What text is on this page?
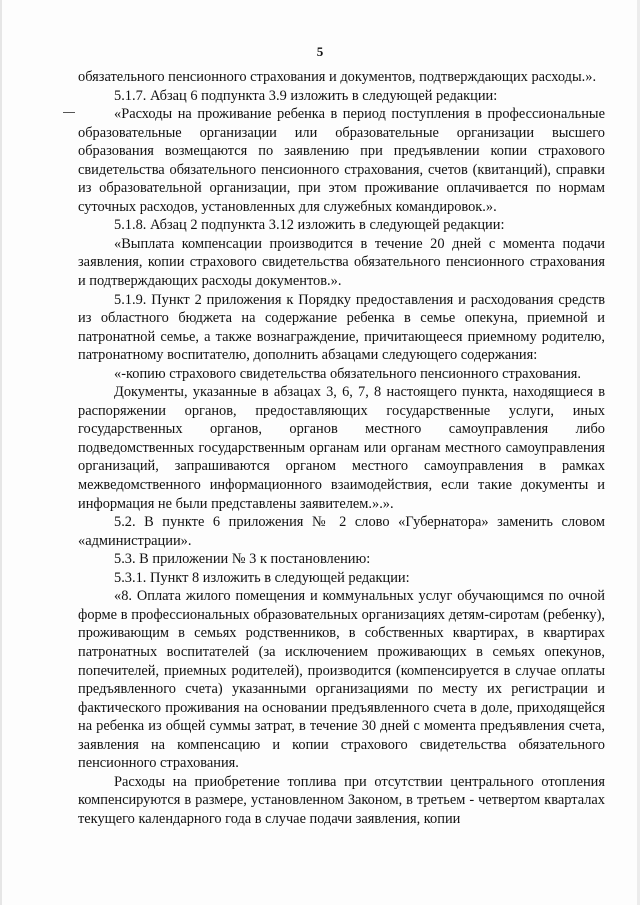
5

обязательного пенсионного страхования и документов, подтверждающих расходы.».

5.1.7. Абзац 6 подпункта 3.9 изложить в следующей редакции:

«Расходы на проживание ребенка в период поступления в профессиональные образовательные организации или образовательные организации высшего образования возмещаются по заявлению при предъявлении копии страхового свидетельства обязательного пенсионного страхования, счетов (квитанций), справки из образовательной организации, при этом проживание оплачивается по нормам суточных расходов, установленных для служебных командировок.».

5.1.8. Абзац 2 подпункта 3.12 изложить в следующей редакции:

«Выплата компенсации производится в течение 20 дней с момента подачи заявления, копии страхового свидетельства обязательного пенсионного страхования и подтверждающих расходы документов.».

5.1.9. Пункт 2 приложения к Порядку предоставления и расходования средств из областного бюджета на содержание ребенка в семье опекуна, приемной и патронатной семье, а также вознаграждение, причитающееся приемному родителю, патронатному воспитателю, дополнить абзацами следующего содержания:

«-копию страхового свидетельства обязательного пенсионного страхования.

Документы, указанные в абзацах 3, 6, 7, 8 настоящего пункта, находящиеся в распоряжении органов, предоставляющих государственные услуги, иных государственных органов, органов местного самоуправления либо подведомственных государственным органам или органам местного самоуправления организаций, запрашиваются органом местного самоуправления в рамках межведомственного информационного взаимодействия, если такие документы и информация не были представлены заявителем.».».

5.2. В пункте 6 приложения № 2 слово «Губернатора» заменить словом «администрации».

5.3. В приложении № 3 к постановлению:

5.3.1. Пункт 8 изложить в следующей редакции:

«8. Оплата жилого помещения и коммунальных услуг обучающимся по очной форме в профессиональных образовательных организациях детям-сиротам (ребенку), проживающим в семьях родственников, в собственных квартирах, в квартирах патронатных воспитателей (за исключением проживающих в семьях опекунов, попечителей, приемных родителей), производится (компенсируется в случае оплаты предъявленного счета) указанными организациями по месту их регистрации и фактического проживания на основании предъявленного счета в доле, приходящейся на ребенка из общей суммы затрат, в течение 30 дней с момента предъявления счета, заявления на компенсацию и копии страхового свидетельства обязательного пенсионного страхования.

Расходы на приобретение топлива при отсутствии центрального отопления компенсируются в размере, установленном Законом, в третьем - четвертом кварталах текущего календарного года в случае подачи заявления, копии
